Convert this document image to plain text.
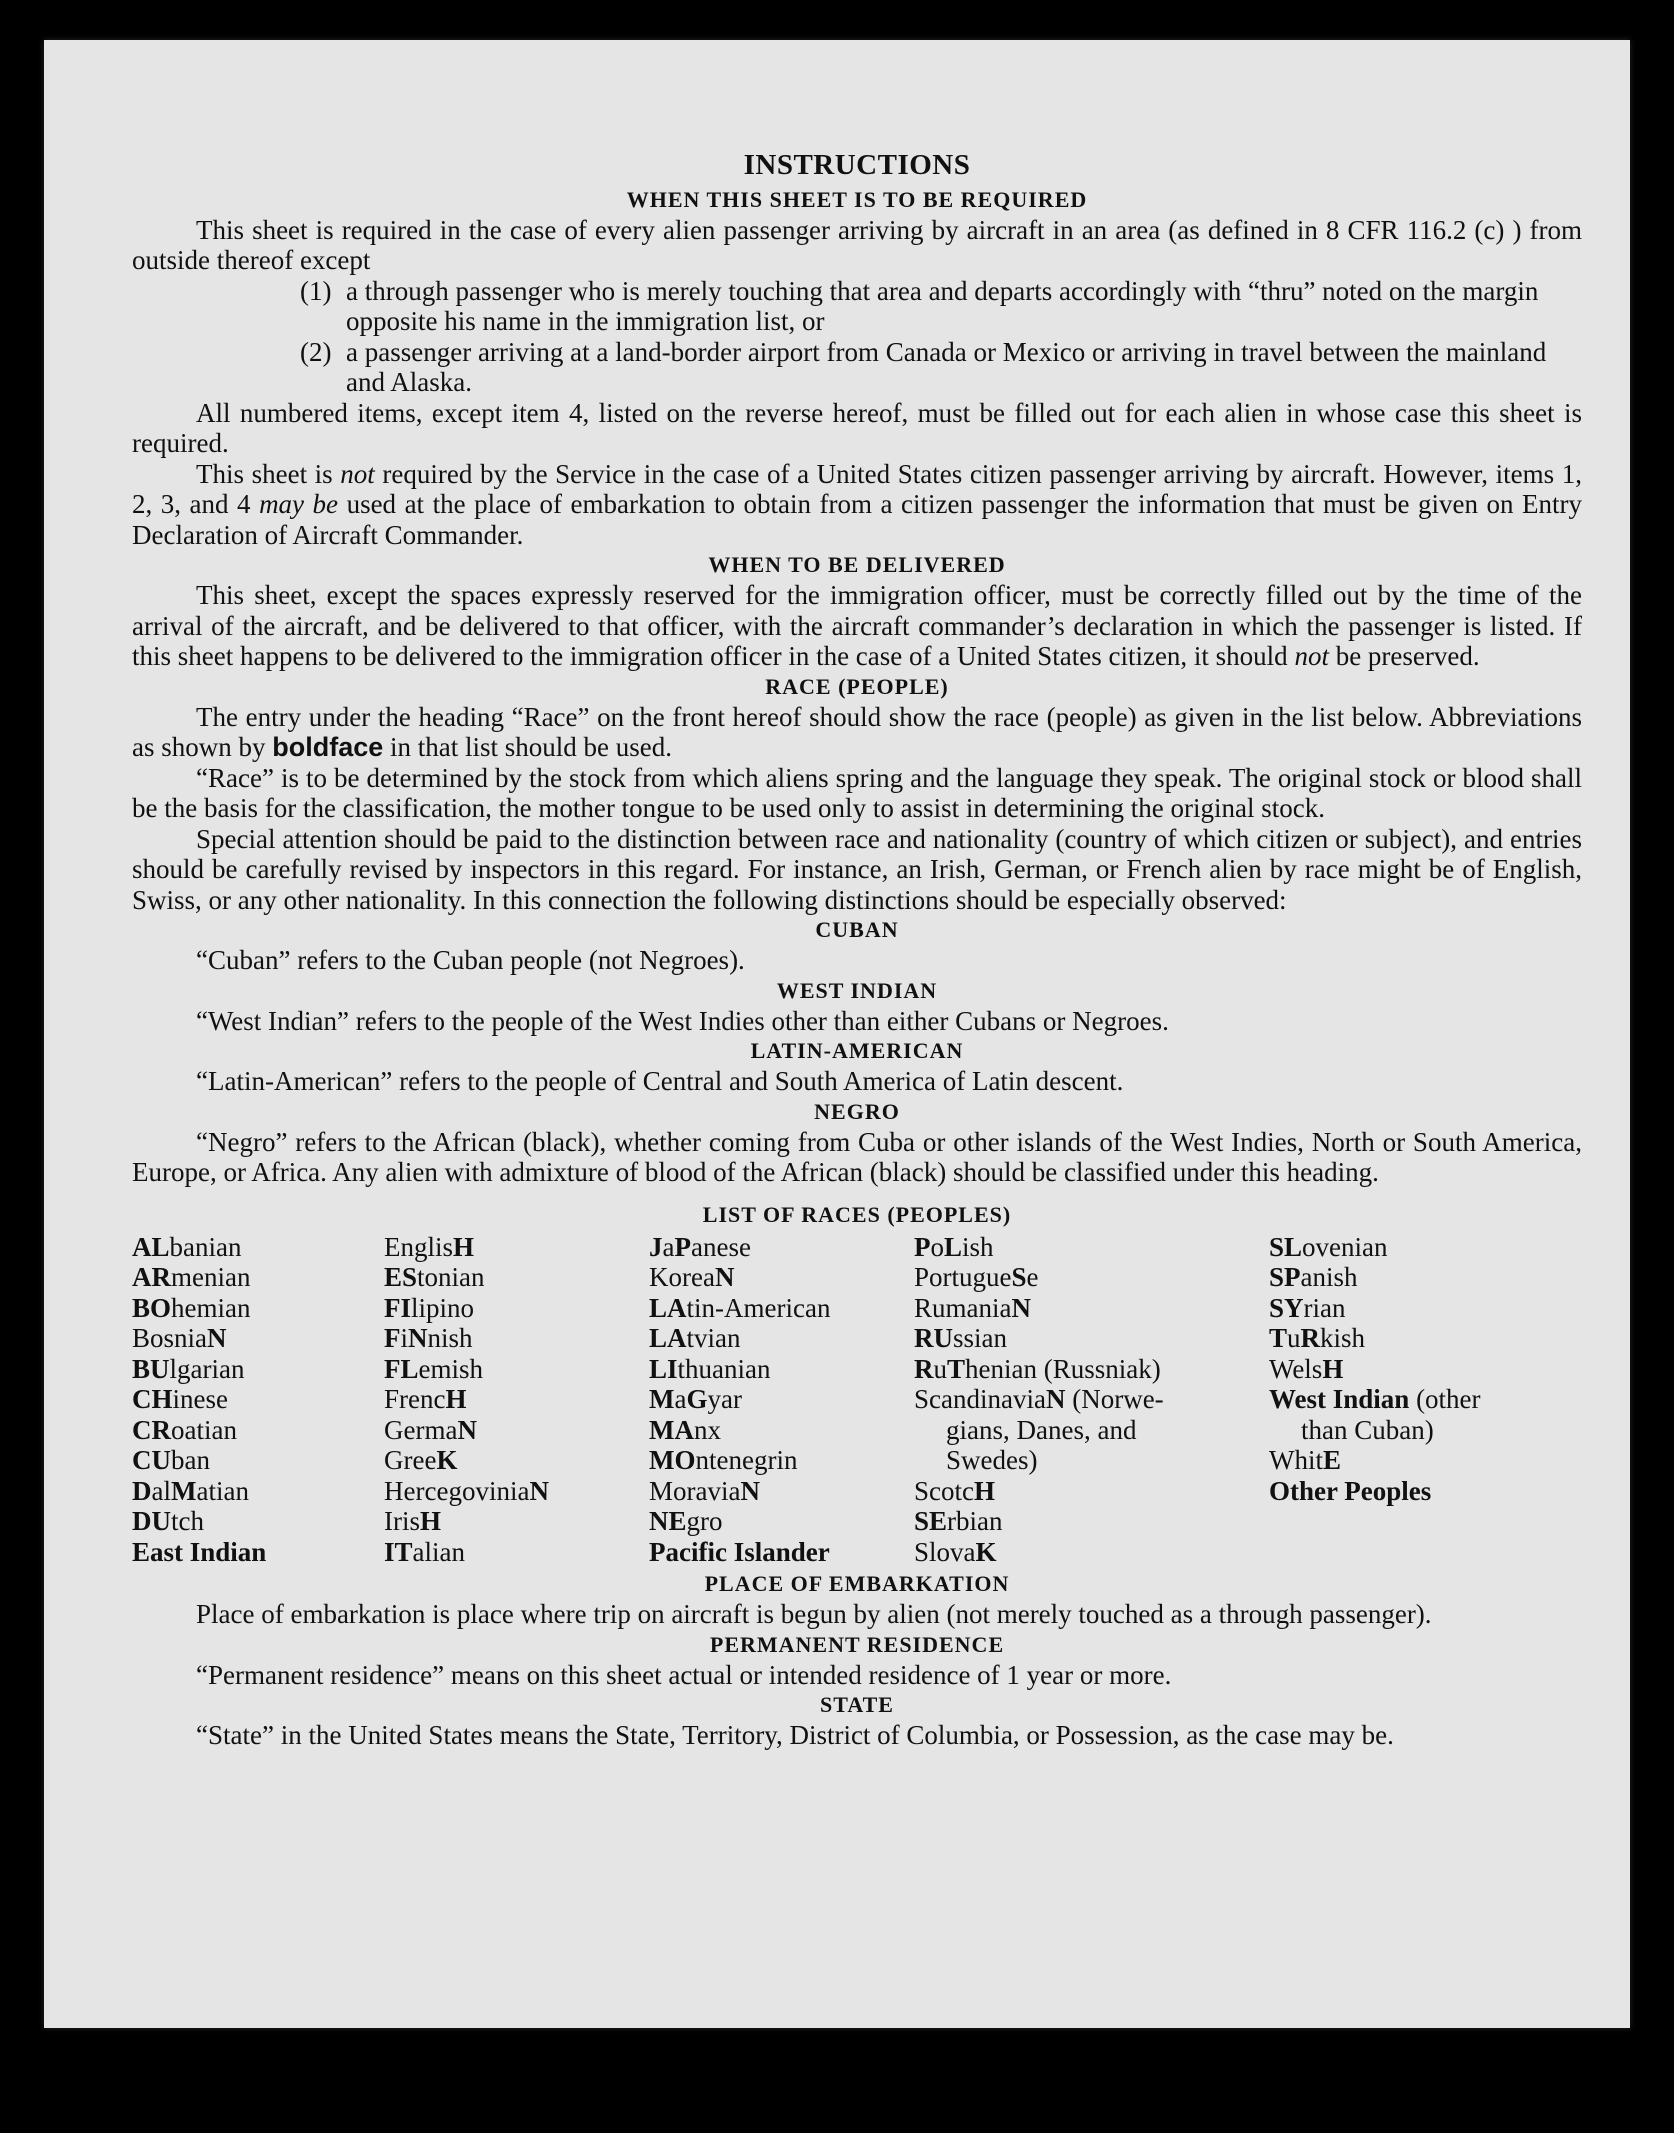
INSTRUCTIONS
WHEN THIS SHEET IS TO BE REQUIRED

This sheet is required in the case of every alien passenger arriving by aircraft in an area (as defined in 8 CFR 116.2 (c) ) from outside thereof except

(1) a through passenger who is merely touching that area and departs accordingly with “thru” noted on the margin opposite his name in the immigration list, or
(2) a passenger arriving at a land-border airport from Canada or Mexico or arriving in travel between the mainland and Alaska.

All numbered items, except item 4, listed on the reverse hereof, must be filled out for each alien in whose case this sheet is required.

This sheet is not required by the Service in the case of a United States citizen passenger arriving by aircraft. However, items 1, 2, 3, and 4 may be used at the place of embarkation to obtain from a citizen passenger the information that must be given on Entry Declaration of Aircraft Commander.

WHEN TO BE DELIVERED

This sheet, except the spaces expressly reserved for the immigration officer, must be correctly filled out by the time of the arrival of the aircraft, and be delivered to that officer, with the aircraft commander’s declaration in which the passenger is listed. If this sheet happens to be delivered to the immigration officer in the case of a United States citizen, it should not be preserved.

RACE (PEOPLE)

The entry under the heading “Race” on the front hereof should show the race (people) as given in the list below. Abbreviations as shown by boldface in that list should be used.

“Race” is to be determined by the stock from which aliens spring and the language they speak. The original stock or blood shall be the basis for the classification, the mother tongue to be used only to assist in determining the original stock.

Special attention should be paid to the distinction between race and nationality (country of which citizen or subject), and entries should be carefully revised by inspectors in this regard. For instance, an Irish, German, or French alien by race might be of English, Swiss, or any other nationality. In this connection the following distinctions should be especially observed:

CUBAN

“Cuban” refers to the Cuban people (not Negroes).

WEST INDIAN

“West Indian” refers to the people of the West Indies other than either Cubans or Negroes.

LATIN-AMERICAN

“Latin-American” refers to the people of Central and South America of Latin descent.

NEGRO

“Negro” refers to the African (black), whether coming from Cuba or other islands of the West Indies, North or South America, Europe, or Africa. Any alien with admixture of blood of the African (black) should be classified under this heading.

LIST OF RACES (PEOPLES)
ALbanian
ARmenian
BOhemian
BosniaN
BUlgarian
CHinese
CRoatian
CUban
DalMatian
DUtch
East Indian
EnglisH
EStonian
FIlipino
FiNnish
FLemish
FrencH
GermaN
GreeK
HercegoviniaN
IrisH
ITalian
JaPanese
KoreaN
LAtin-American
LAtvian
LIthuanian
MaGyar
MAnx
MOntenegrin
MoraviaN
NEgro
Pacific Islander
PoLish
PortugueSe
RumaniaN
RUssian
RuThenian (Russniak)
ScandinaviaN (Norwe-
gians, Danes, and
Swedes)
ScotcH
SErbian
SlovaK
SLovenian
SPanish
SYrian
TuRkish
WelsH
West Indian (other
than Cuban)
WhitE
Other Peoples
PLACE OF EMBARKATION

Place of embarkation is place where trip on aircraft is begun by alien (not merely touched as a through passenger).

PERMANENT RESIDENCE

“Permanent residence” means on this sheet actual or intended residence of 1 year or more.

STATE

“State” in the United States means the State, Territory, District of Columbia, or Possession, as the case may be.
